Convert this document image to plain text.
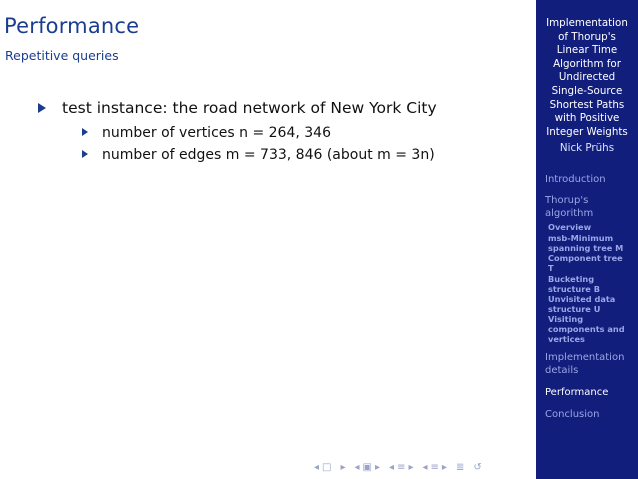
Performance
Repetitive queries
test instance: the road network of New York City
number of vertices n = 264, 346
number of edges m = 733, 846 (about m = 3n)
◂ □ ▸ ◂ ▣ ▸ ◂ ≡ ▸ ◂ ≡ ▸ ≣ ↺
Implementation
of Thorup's
Linear Time
Algorithm for
Undirected
Single-Source
Shortest Paths
with Positive
Integer Weights
Nick Prühs
Introduction
Thorup's
algorithm
Overview
msb-Minimum
spanning tree M
Component tree
T
Bucketing
structure B
Unvisited data
structure U
Visiting
components and
vertices
Implementation
details
Performance
Conclusion
